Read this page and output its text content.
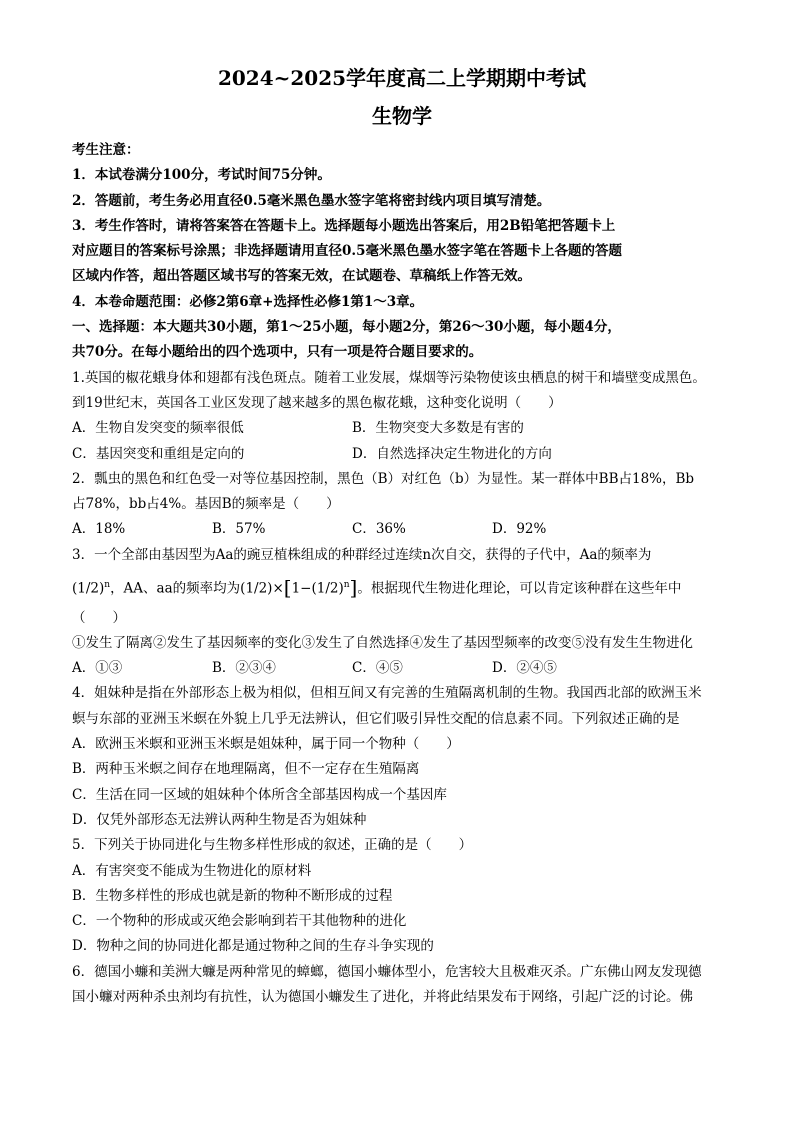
2024~2025学年度高二上学期期中考试
生物学
考生注意：
1．本试卷满分100分，考试时间75分钟。
2．答题前，考生务必用直径0.5毫米黑色墨水签字笔将密封线内项目填写清楚。
3．考生作答时，请将答案答在答题卡上。选择题每小题选出答案后，用2B铅笔把答题卡上
对应题目的答案标号涂黑；非选择题请用直径0.5毫米黑色墨水签字笔在答题卡上各题的答题
区域内作答，超出答题区域书写的答案无效，在试题卷、草稿纸上作答无效。
4．本卷命题范围：必修2第6章+选择性必修1第1～3章。
一、选择题：本大题共30小题，第1～25小题，每小题2分，第26～30小题，每小题4分，
共70分。在每小题给出的四个选项中，只有一项是符合题目要求的。
1.英国的椒花蛾身体和翅都有浅色斑点。随着工业发展，煤烟等污染物使该虫栖息的树干和墙壁变成黑色。
到19世纪末，英国各工业区发现了越来越多的黑色椒花蛾，这种变化说明（　　）
A．生物自发突变的频率很低	B．生物突变大多数是有害的
C．基因突变和重组是定向的	D．自然选择决定生物进化的方向
2．瓢虫的黑色和红色受一对等位基因控制，黑色（B）对红色（b）为显性。某一群体中BB占18%，Bb
占78%，bb占4%。基因B的频率是（　　）
A．18%	B．57%	C．36%	D．92%
3．一个全部由基因型为Aa的豌豆植株组成的种群经过连续n次自交，获得的子代中，Aa的频率为
$(1/2)^n$，AA、aa的频率均为$(1/2)\times[1-(1/2)^n]$。根据现代生物进化理论，可以肯定该种群在这些年中
（　　）
①发生了隔离②发生了基因频率的变化③发生了自然选择④发生了基因型频率的改变⑤没有发生生物进化
A．①③	B．②③④	C．④⑤	D．②④⑤
4．姐妹种是指在外部形态上极为相似，但相互间又有完善的生殖隔离机制的生物。我国西北部的欧洲玉米
螟与东部的亚洲玉米螟在外貌上几乎无法辨认，但它们吸引异性交配的信息素不同。下列叙述正确的是
A．欧洲玉米螟和亚洲玉米螟是姐妹种，属于同一个物种（　　）
B．两种玉米螟之间存在地理隔离，但不一定存在生殖隔离
C．生活在同一区域的姐妹种个体所含全部基因构成一个基因库
D．仅凭外部形态无法辨认两种生物是否为姐妹种
5．下列关于协同进化与生物多样性形成的叙述，正确的是（　　）
A．有害突变不能成为生物进化的原材料
B．生物多样性的形成也就是新的物种不断形成的过程
C．一个物种的形成或灭绝会影响到若干其他物种的进化
D．物种之间的协同进化都是通过物种之间的生存斗争实现的
6．德国小蠊和美洲大蠊是两种常见的蟑螂，德国小蠊体型小，危害较大且极难灭杀。广东佛山网友发现德
国小蠊对两种杀虫剂均有抗性，认为德国小蠊发生了进化，并将此结果发布于网络，引起广泛的讨论。佛
